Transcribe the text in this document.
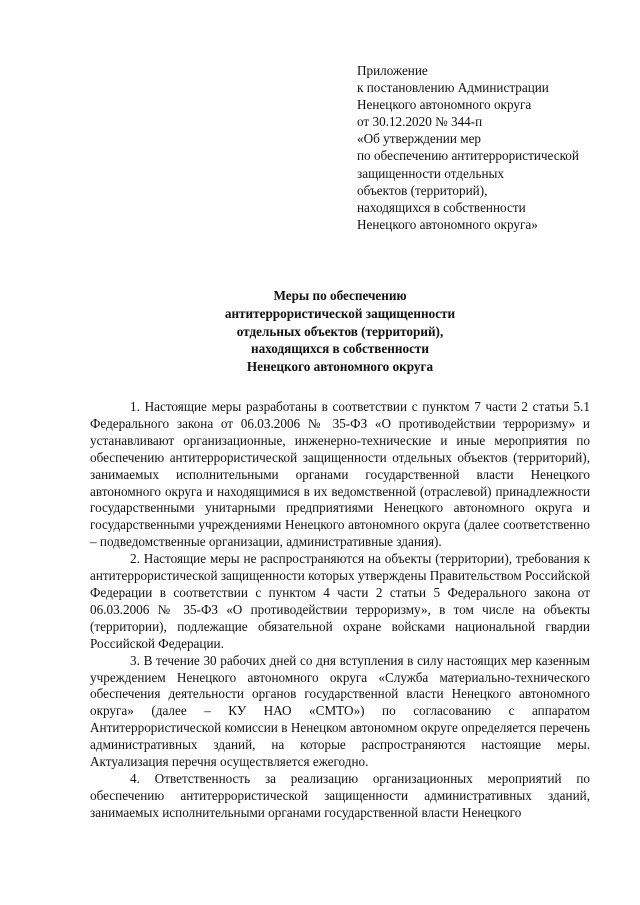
Приложение
к постановлению Администрации
Ненецкого автономного округа
от 30.12.2020 № 344-п
«Об утверждении мер
по обеспечению антитеррористической
защищенности отдельных
объектов (территорий),
находящихся в собственности
Ненецкого автономного округа»
Меры по обеспечению
антитеррористической защищенности
отдельных объектов (территорий),
находящихся в собственности
Ненецкого автономного округа

1. Настоящие меры разработаны в соответствии с пунктом 7 части 2 статьи 5.1 Федерального закона от 06.03.2006 № 35-ФЗ «О противодействии терроризму» и устанавливают организационные, инженерно-технические и иные мероприятия по обеспечению антитеррористической защищенности отдельных объектов (территорий), занимаемых исполнительными органами государственной власти Ненецкого автономного округа и находящимися в их ведомственной (отраслевой) принадлежности государственными унитарными предприятиями Ненецкого автономного округа и государственными учреждениями Ненецкого автономного округа (далее соответственно – подведомственные организации, административные здания).

2. Настоящие меры не распространяются на объекты (территории), требования к антитеррористической защищенности которых утверждены Правительством Российской Федерации в соответствии с пунктом 4 части 2 статьи 5 Федерального закона от 06.03.2006 № 35-ФЗ «О противодействии терроризму», в том числе на объекты (территории), подлежащие обязательной охране войсками национальной гвардии Российской Федерации.

3. В течение 30 рабочих дней со дня вступления в силу настоящих мер казенным учреждением Ненецкого автономного округа «Служба материально-технического обеспечения деятельности органов государственной власти Ненецкого автономного округа» (далее – КУ НАО «СМТО») по согласованию с аппаратом Антитеррористической комиссии в Ненецком автономном округе определяется перечень административных зданий, на которые распространяются настоящие меры. Актуализация перечня осуществляется ежегодно.

4. Ответственность за реализацию организационных мероприятий по обеспечению антитеррористической защищенности административных зданий, занимаемых исполнительными органами государственной власти Ненецкого
